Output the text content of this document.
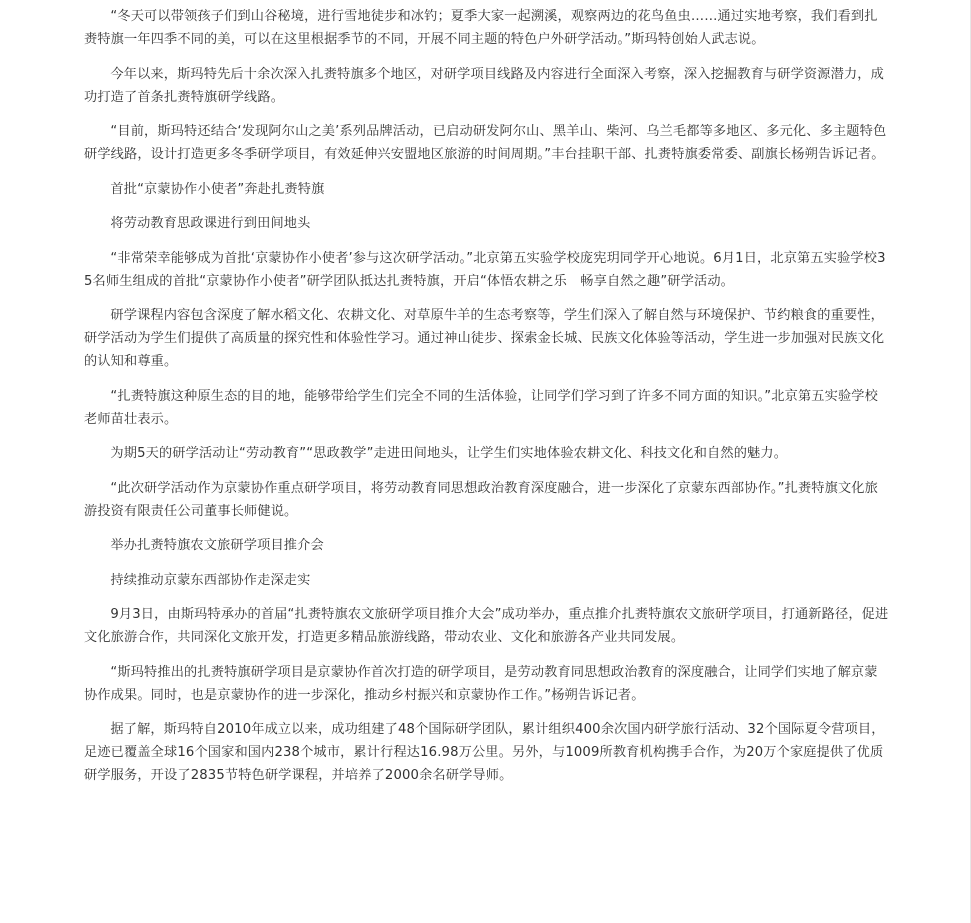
“冬天可以带领孩子们到山谷秘境，进行雪地徒步和冰钓；夏季大家一起溯溪，观察两边的花鸟鱼虫……通过实地考察，我们看到扎赉特旗一年四季不同的美，可以在这里根据季节的不同，开展不同主题的特色户外研学活动。”斯玛特创始人武志说。

今年以来，斯玛特先后十余次深入扎赉特旗多个地区，对研学项目线路及内容进行全面深入考察，深入挖掘教育与研学资源潜力，成功打造了首条扎赉特旗研学线路。

“目前，斯玛特还结合‘发现阿尔山之美’系列品牌活动，已启动研发阿尔山、黑羊山、柴河、乌兰毛都等多地区、多元化、多主题特色研学线路，设计打造更多冬季研学项目，有效延伸兴安盟地区旅游的时间周期。”丰台挂职干部、扎赉特旗委常委、副旗长杨朔告诉记者。

首批“京蒙协作小使者”奔赴扎赉特旗

将劳动教育思政课进行到田间地头

“非常荣幸能够成为首批‘京蒙协作小使者’参与这次研学活动。”北京第五实验学校庞宪玥同学开心地说。6月1日，北京第五实验学校35名师生组成的首批“京蒙协作小使者”研学团队抵达扎赉特旗，开启“体悟农耕之乐　畅享自然之趣”研学活动。

研学课程内容包含深度了解水稻文化、农耕文化、对草原牛羊的生态考察等，学生们深入了解自然与环境保护、节约粮食的重要性，研学活动为学生们提供了高质量的探究性和体验性学习。通过神山徒步、探索金长城、民族文化体验等活动，学生进一步加强对民族文化的认知和尊重。

“扎赉特旗这种原生态的目的地，能够带给学生们完全不同的生活体验，让同学们学习到了许多不同方面的知识。”北京第五实验学校老师苗壮表示。

为期5天的研学活动让“劳动教育”“思政教学”走进田间地头，让学生们实地体验农耕文化、科技文化和自然的魅力。

“此次研学活动作为京蒙协作重点研学项目，将劳动教育同思想政治教育深度融合，进一步深化了京蒙东西部协作。”扎赉特旗文化旅游投资有限责任公司董事长师健说。

举办扎赉特旗农文旅研学项目推介会

持续推动京蒙东西部协作走深走实

9月3日，由斯玛特承办的首届“扎赉特旗农文旅研学项目推介大会”成功举办，重点推介扎赉特旗农文旅研学项目，打通新路径，促进文化旅游合作，共同深化文旅开发，打造更多精品旅游线路，带动农业、文化和旅游各产业共同发展。

“斯玛特推出的扎赉特旗研学项目是京蒙协作首次打造的研学项目，是劳动教育同思想政治教育的深度融合，让同学们实地了解京蒙协作成果。同时，也是京蒙协作的进一步深化，推动乡村振兴和京蒙协作工作。”杨朔告诉记者。

据了解，斯玛特自2010年成立以来，成功组建了48个国际研学团队，累计组织400余次国内研学旅行活动、32个国际夏令营项目，足迹已覆盖全球16个国家和国内238个城市，累计行程达16.98万公里。另外，与1009所教育机构携手合作，为20万个家庭提供了优质研学服务，开设了2835节特色研学课程，并培养了2000余名研学导师。
